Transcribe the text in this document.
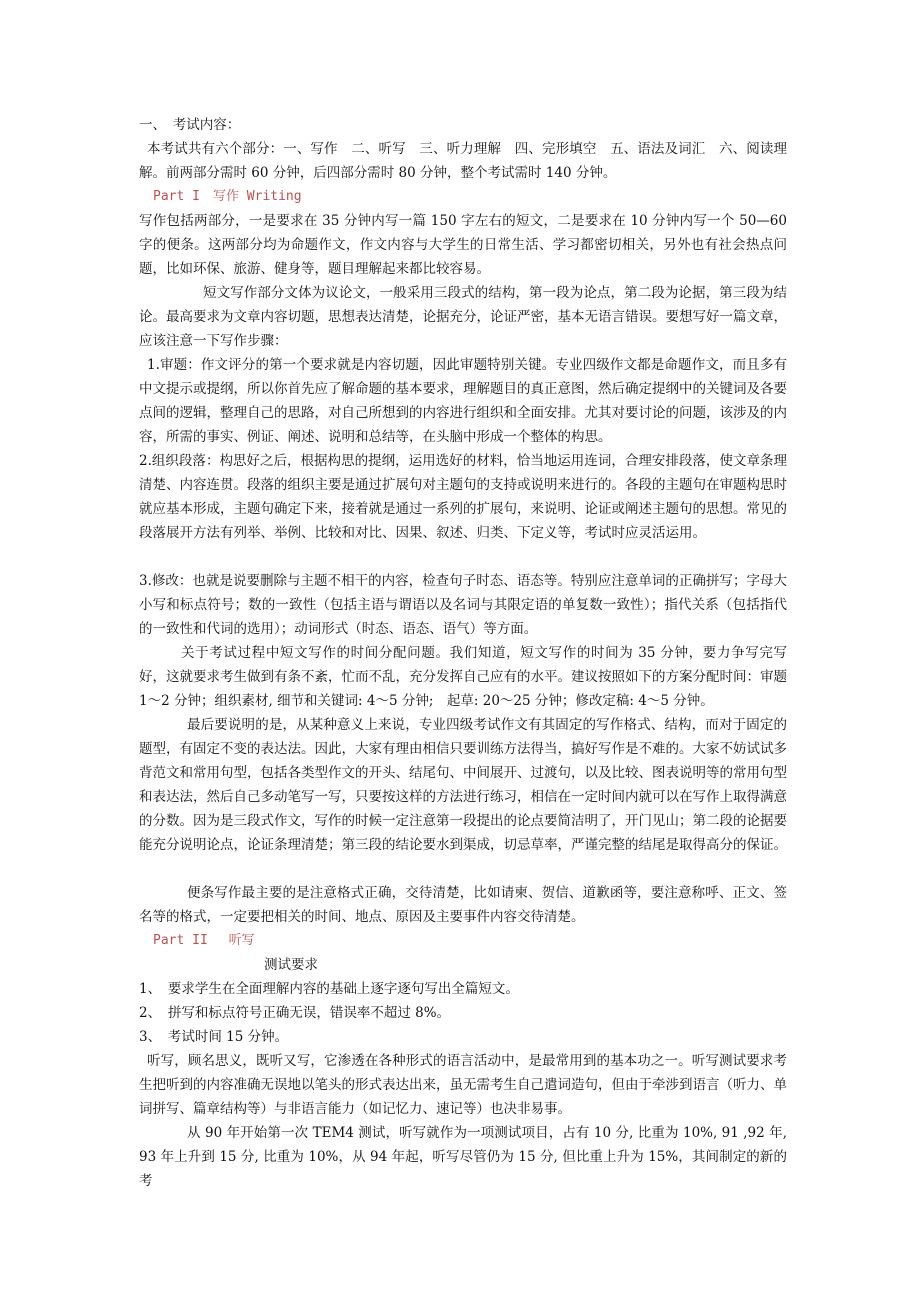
一、　考试内容：

本考试共有六个部分：一、写作　二、听写　三、听力理解　四、完形填空　五、语法及词汇　六、阅读理解。前两部分需时 60 分钟，后四部分需时 80 分钟，整个考试需时 140 分钟。

Part I　写作 Writing

写作包括两部分，一是要求在 35 分钟内写一篇 150 字左右的短文，二是要求在 10 分钟内写一个 50—60 字的便条。这两部分均为命题作文，作文内容与大学生的日常生活、学习都密切相关，另外也有社会热点问题，比如环保、旅游、健身等，题目理解起来都比较容易。

短文写作部分文体为议论文，一般采用三段式的结构，第一段为论点，第二段为论据，第三段为结论。最高要求为文章内容切题，思想表达清楚，论据充分，论证严密，基本无语言错误。要想写好一篇文章，应该注意一下写作步骤：

1.审题：作文评分的第一个要求就是内容切题，因此审题特别关键。专业四级作文都是命题作文，而且多有中文提示或提纲，所以你首先应了解命题的基本要求，理解题目的真正意图，然后确定提纲中的关键词及各要点间的逻辑，整理自己的思路，对自己所想到的内容进行组织和全面安排。尤其对要讨论的问题，该涉及的内容，所需的事实、例证、阐述、说明和总结等，在头脑中形成一个整体的构思。

2.组织段落：构思好之后，根据构思的提纲，运用选好的材料，恰当地运用连词，合理安排段落，使文章条理清楚、内容连贯。段落的组织主要是通过扩展句对主题句的支持或说明来进行的。各段的主题句在审题构思时就应基本形成，主题句确定下来，接着就是通过一系列的扩展句，来说明、论证或阐述主题句的思想。常见的段落展开方法有列举、举例、比较和对比、因果、叙述、归类、下定义等，考试时应灵活运用。

3.修改：也就是说要删除与主题不相干的内容，检查句子时态、语态等。特别应注意单词的正确拼写；字母大小写和标点符号；数的一致性（包括主语与谓语以及名词与其限定语的单复数一致性）；指代关系（包括指代的一致性和代词的选用）；动词形式（时态、语态、语气）等方面。

关于考试过程中短文写作的时间分配问题。我们知道，短文写作的时间为 35 分钟，要力争写完写好，这就要求考生做到有条不紊，忙而不乱，充分发挥自己应有的水平。建议按照如下的方案分配时间：审题 1～2 分钟；组织素材, 细节和关键词: 4～5 分钟;　起草: 20～25 分钟；修改定稿: 4～5 分钟。

最后要说明的是，从某种意义上来说，专业四级考试作文有其固定的写作格式、结构，而对于固定的题型，有固定不变的表达法。因此，大家有理由相信只要训练方法得当，搞好写作是不难的。大家不妨试试多背范文和常用句型，包括各类型作文的开头、结尾句、中间展开、过渡句，以及比较、图表说明等的常用句型和表达法，然后自己多动笔写一写，只要按这样的方法进行练习，相信在一定时间内就可以在写作上取得满意的分数。因为是三段式作文，写作的时候一定注意第一段提出的论点要简洁明了，开门见山；第二段的论据要能充分说明论点，论证条理清楚；第三段的结论要水到渠成，切忌草率，严谨完整的结尾是取得高分的保证。

便条写作最主要的是注意格式正确，交待清楚，比如请柬、贺信、道歉函等，要注意称呼、正文、签名等的格式，一定要把相关的时间、地点、原因及主要事件内容交待清楚。

Part II　 听写

测试要求

1、　要求学生在全面理解内容的基础上逐字逐句写出全篇短文。

2、　拼写和标点符号正确无误，错误率不超过 8%。

3、　考试时间 15 分钟。

听写，顾名思义，既听又写，它渗透在各种形式的语言活动中，是最常用到的基本功之一。听写测试要求考生把听到的内容准确无误地以笔头的形式表达出来，虽无需考生自己遣词造句，但由于牵涉到语言（听力、单词拼写、篇章结构等）与非语言能力（如记忆力、速记等）也决非易事。

从 90 年开始第一次 TEM4 测试，听写就作为一项测试项目，占有 10 分, 比重为 10%, 91 ,92 年, 93 年上升到 15 分, 比重为 10%，从 94 年起，听写尽管仍为 15 分, 但比重上升为 15%，其间制定的新的考
